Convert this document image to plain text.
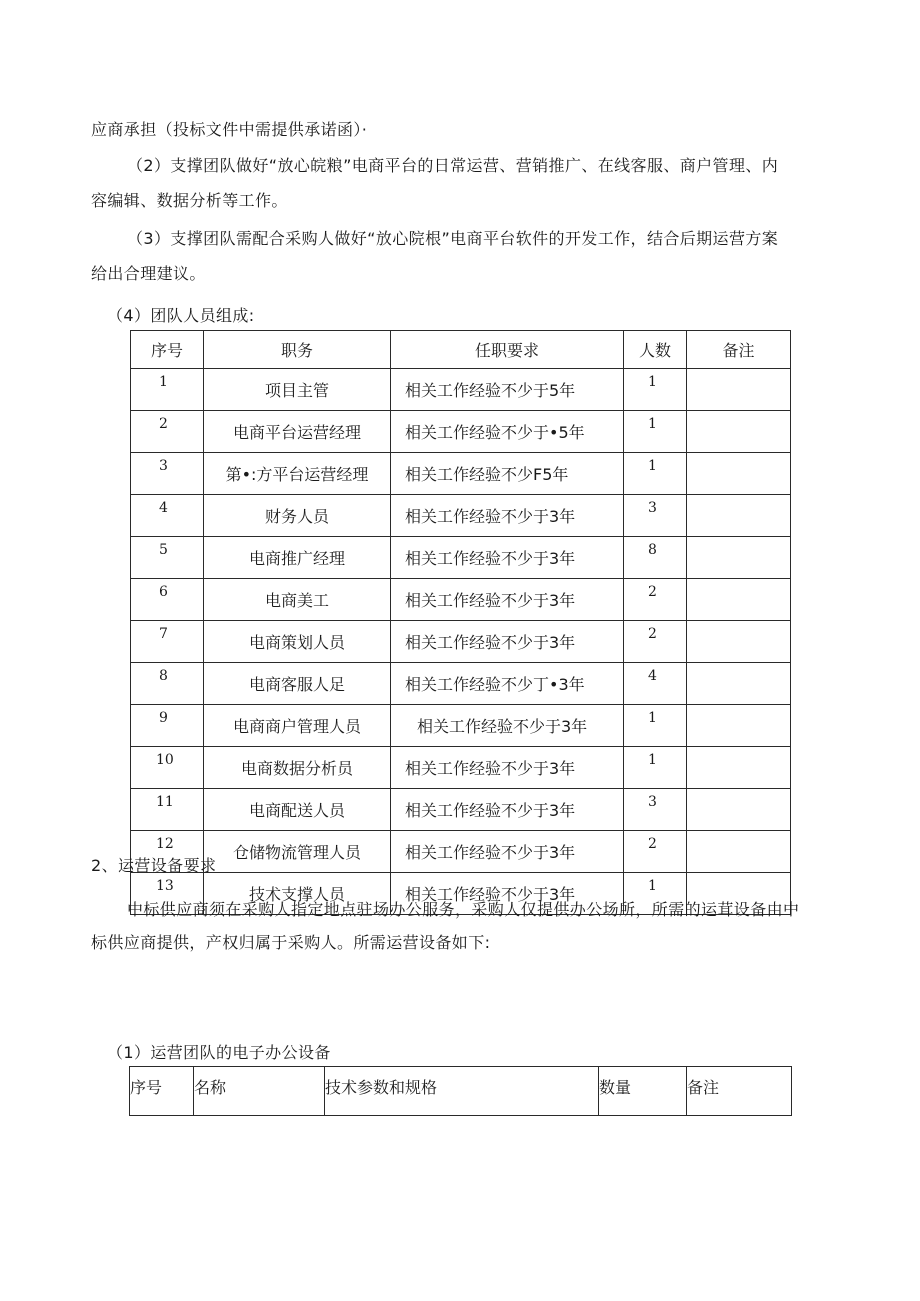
应商承担（投标文件中需提供承诺函）·
（2）支撑团队做好“放心皖粮”电商平台的日常运营、营销推广、在线客服、商户管理、内
容编辑、数据分析等工作。
（3）支撑团队需配合采购人做好“放心院根”电商平台软件的开发工作，结合后期运营方案
给出合理建议。
（4）团队人员组成:
序号	职务	任职要求	人数	备注
1	项目主管	相关工作经验不少于5年	1	
2	电商平台运营经理	相关工作经验不少于•5年	1	
3	第•:方平台运营经理	相关工作经验不少F5年	1	
4	财务人员	相关工作经验不少于3年	3	
5	电商推广经理	相关工作经验不少于3年	8	
6	电商美工	相关工作经验不少于3年	2	
7	电商策划人员	相关工作经验不少于3年	2	
8	电商客服人足	相关工作经验不少丁•3年	4	
9	电商商户管理人员	相关工作经验不少于3年	1	
10	电商数据分析员	相关工作经验不少于3年	1	
11	电商配送人员	相关工作经验不少于3年	3	
12	仓储物流管理人员	相关工作经验不少于3年	2	
13	技术支撑人员	相关工作经验不少于3年	1	
2、运营设备要求
中标供应商须在采购人指定地点驻场办公服务，采购人仅提供办公场所，所需的运茸设备由中
标供应商提供，产权归属于采购人。所需运营设备如下:
（1）运营团队的电子办公设备
序号	名称	技术参数和规格	数量	备注
